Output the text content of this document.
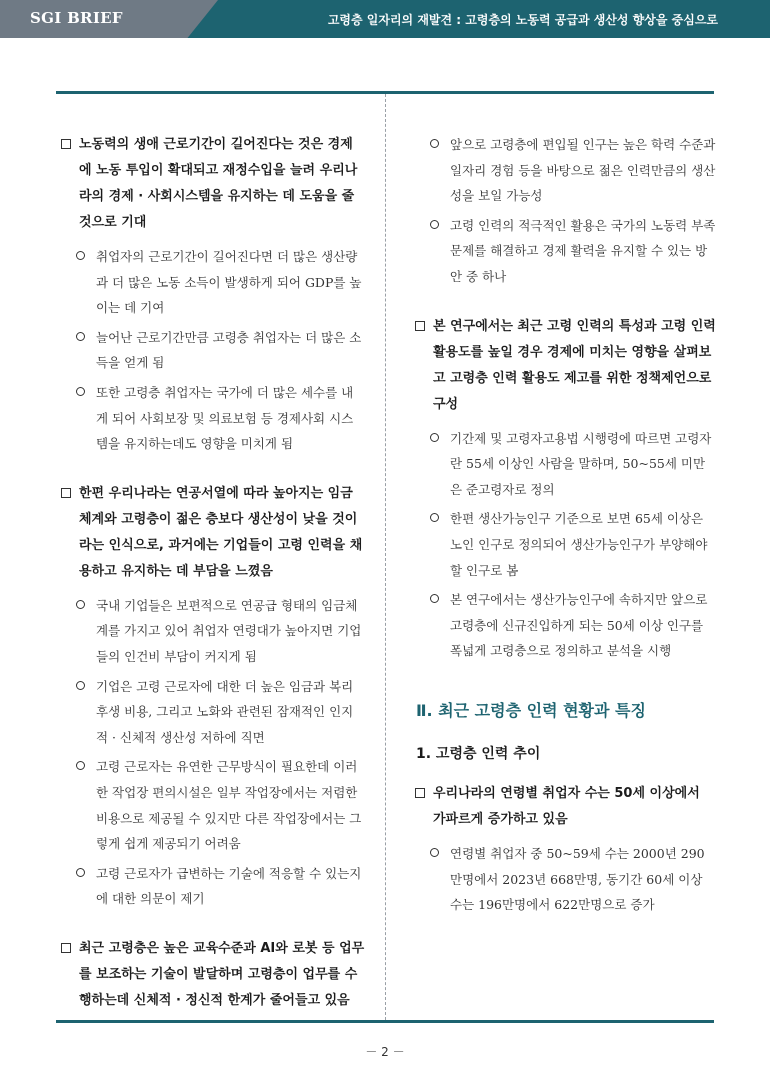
SGI BRIEF	고령층 일자리의 재발견 : 고령층의 노동력 공급과 생산성 향상을 중심으로
노동력의 생애 근로기간이 길어진다는 것은 경제에 노동 투입이 확대되고 재정수입을 늘려 우리나라의 경제 · 사회시스템을 유지하는 데 도움을 줄 것으로 기대
취업자의 근로기간이 길어진다면 더 많은 생산량과 더 많은 노동 소득이 발생하게 되어 GDP를 높이는 데 기여
늘어난 근로기간만큼 고령층 취업자는 더 많은 소득을 얻게 됨
또한 고령층 취업자는 국가에 더 많은 세수를 내게 되어 사회보장 및 의료보험 등 경제사회 시스템을 유지하는데도 영향을 미치게 됨
한편 우리나라는 연공서열에 따라 높아지는 임금체계와 고령층이 젊은 층보다 생산성이 낮을 것이라는 인식으로, 과거에는 기업들이 고령 인력을 채용하고 유지하는 데 부담을 느꼈음
국내 기업들은 보편적으로 연공급 형태의 임금체계를 가지고 있어 취업자 연령대가 높아지면 기업들의 인건비 부담이 커지게 됨
기업은 고령 근로자에 대한 더 높은 임금과 복리후생 비용, 그리고 노화와 관련된 잠재적인 인지적 · 신체적 생산성 저하에 직면
고령 근로자는 유연한 근무방식이 필요한데 이러한 작업장 편의시설은 일부 작업장에서는 저렴한 비용으로 제공될 수 있지만 다른 작업장에서는 그렇게 쉽게 제공되기 어려움
고령 근로자가 급변하는 기술에 적응할 수 있는지에 대한 의문이 제기
최근 고령층은 높은 교육수준과 AI와 로봇 등 업무를 보조하는 기술이 발달하며 고령층이 업무를 수행하는데 신체적 · 정신적 한계가 줄어들고 있음
앞으로 고령층에 편입될 인구는 높은 학력 수준과 일자리 경험 등을 바탕으로 젊은 인력만큼의 생산성을 보일 가능성
고령 인력의 적극적인 활용은 국가의 노동력 부족 문제를 해결하고 경제 활력을 유지할 수 있는 방안 중 하나
본 연구에서는 최근 고령 인력의 특성과 고령 인력 활용도를 높일 경우 경제에 미치는 영향을 살펴보고 고령층 인력 활용도 제고를 위한 정책제언으로 구성
기간제 및 고령자고용법 시행령에 따르면 고령자란 55세 이상인 사람을 말하며, 50~55세 미만은 준고령자로 정의
한편 생산가능인구 기준으로 보면 65세 이상은 노인 인구로 정의되어 생산가능인구가 부양해야 할 인구로 봄
본 연구에서는 생산가능인구에 속하지만 앞으로 고령층에 신규진입하게 되는 50세 이상 인구를 폭넓게 고령층으로 정의하고 분석을 시행
Ⅱ. 최근 고령층 인력 현황과 특징
1. 고령층 인력 추이
우리나라의 연령별 취업자 수는 50세 이상에서 가파르게 증가하고 있음
연령별 취업자 중 50~59세 수는 2000년 290만명에서 2023년 668만명, 동기간 60세 이상 수는 196만명에서 622만명으로 증가
－ 2 －
